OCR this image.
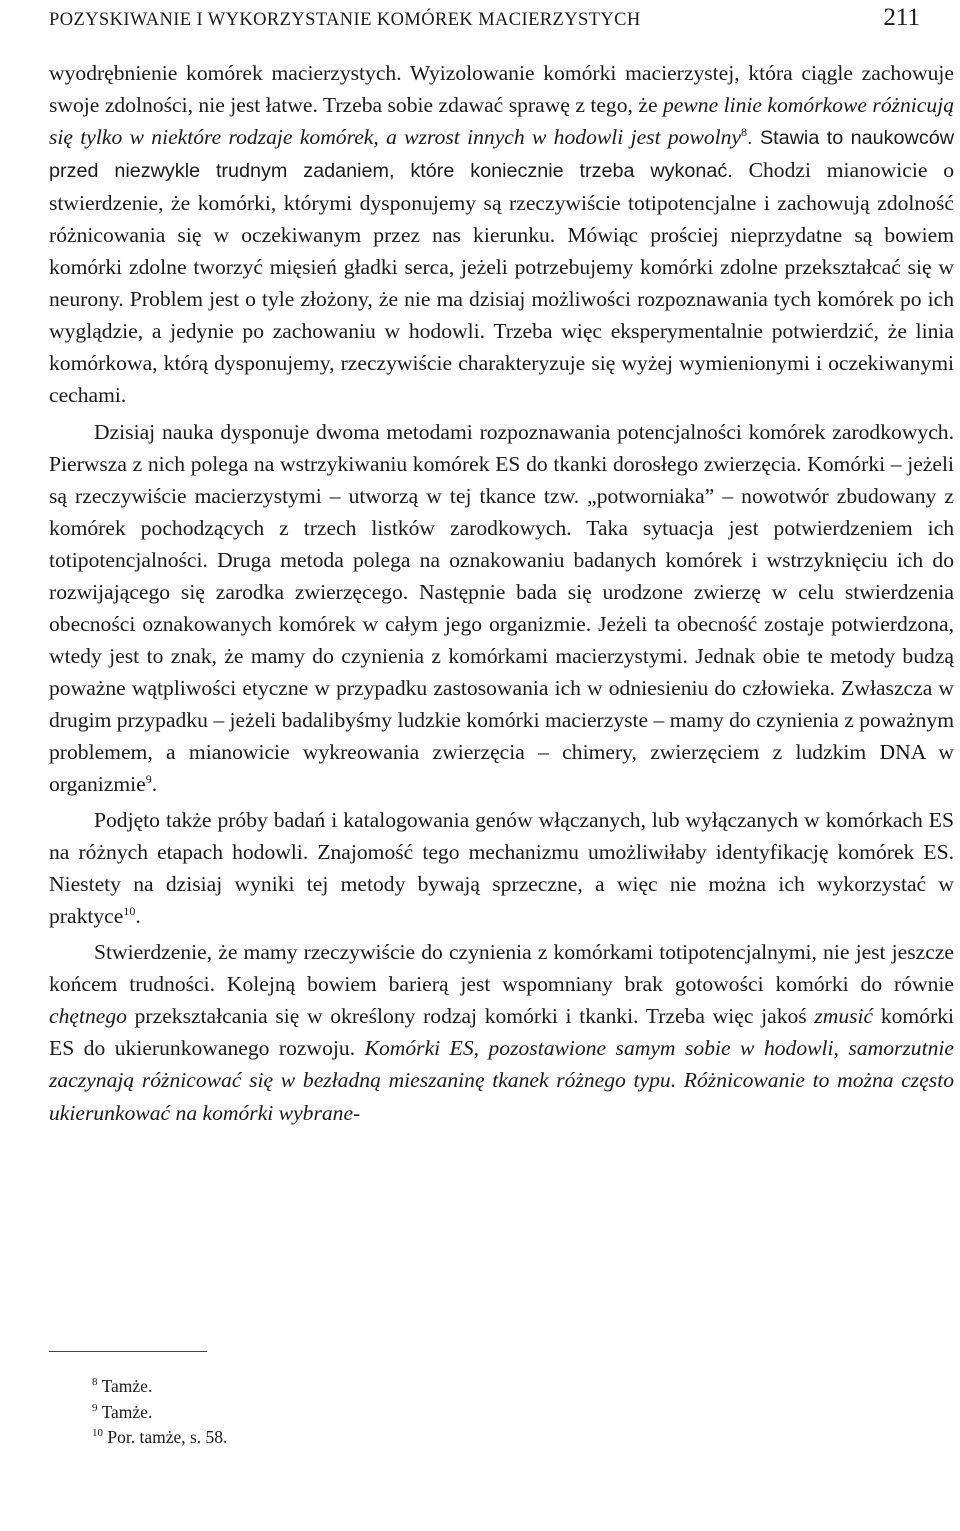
POZYSKIWANIE I WYKORZYSTANIE KOMÓREK MACIERZYSTYCH	211

wyodrębnienie komórek macierzystych. Wyizolowanie komórki macierzystej, która ciągle zachowuje swoje zdolności, nie jest łatwe. Trzeba sobie zdawać sprawę z tego, że pewne linie komórkowe różnicują się tylko w niektóre rodzaje komórek, a wzrost innych w hodowli jest powolny$^8$. Stawia to naukowców przed niezwykle trudnym zadaniem, które koniecznie trzeba wykonać. Chodzi mianowicie o stwierdzenie, że komórki, którymi dysponujemy są rzeczywiście totipotencjalne i zachowują zdolność różnicowania się w oczekiwanym przez nas kierunku. Mówiąc prościej nieprzydatne są bowiem komórki zdolne tworzyć mięsień gładki serca, jeżeli potrzebujemy komórki zdolne przekształcać się w neurony. Problem jest o tyle złożony, że nie ma dzisiaj możliwości rozpoznawania tych komórek po ich wyglądzie, a jedynie po zachowaniu w hodowli. Trzeba więc eksperymentalnie potwierdzić, że linia komórkowa, którą dysponujemy, rzeczywiście charakteryzuje się wyżej wymienionymi i oczekiwanymi cechami.

Dzisiaj nauka dysponuje dwoma metodami rozpoznawania potencjalności komórek zarodkowych. Pierwsza z nich polega na wstrzykiwaniu komórek ES do tkanki dorosłego zwierzęcia. Komórki – jeżeli są rzeczywiście macierzystymi – utworzą w tej tkance tzw. „potworniaka” – nowotwór zbudowany z komórek pochodzących z trzech listków zarodkowych. Taka sytuacja jest potwierdzeniem ich totipotencjalności. Druga metoda polega na oznakowaniu badanych komórek i wstrzyknięciu ich do rozwijającego się zarodka zwierzęcego. Następnie bada się urodzone zwierzę w celu stwierdzenia obecności oznakowanych komórek w całym jego organizmie. Jeżeli ta obecność zostaje potwierdzona, wtedy jest to znak, że mamy do czynienia z komórkami macierzystymi. Jednak obie te metody budzą poważne wątpliwości etyczne w przypadku zastosowania ich w odniesieniu do człowieka. Zwłaszcza w drugim przypadku – jeżeli badalibyśmy ludzkie komórki macierzyste – mamy do czynienia z poważnym problemem, a mianowicie wykreowania zwierzęcia – chimery, zwierzęciem z ludzkim DNA w organizmie$^9$.

Podjęto także próby badań i katalogowania genów włączanych, lub wyłączanych w komórkach ES na różnych etapach hodowli. Znajomość tego mechanizmu umożliwiłaby identyfikację komórek ES. Niestety na dzisiaj wyniki tej metody bywają sprzeczne, a więc nie można ich wykorzystać w praktyce$^{10}$.

Stwierdzenie, że mamy rzeczywiście do czynienia z komórkami totipotencjalnymi, nie jest jeszcze końcem trudności. Kolejną bowiem barierą jest wspomniany brak gotowości komórki do równie chętnego przekształcania się w określony rodzaj komórki i tkanki. Trzeba więc jakoś zmusić komórki ES do ukierunkowanego rozwoju. Komórki ES, pozostawione samym sobie w hodowli, samorzutnie zaczynają różnicować się w bezładną mieszaninę tkanek różnego typu. Różnicowanie to można często ukierunkować na komórki wybrane-

$^8$ Tamże.
$^9$ Tamże.
$^{10}$ Por. tamże, s. 58.
